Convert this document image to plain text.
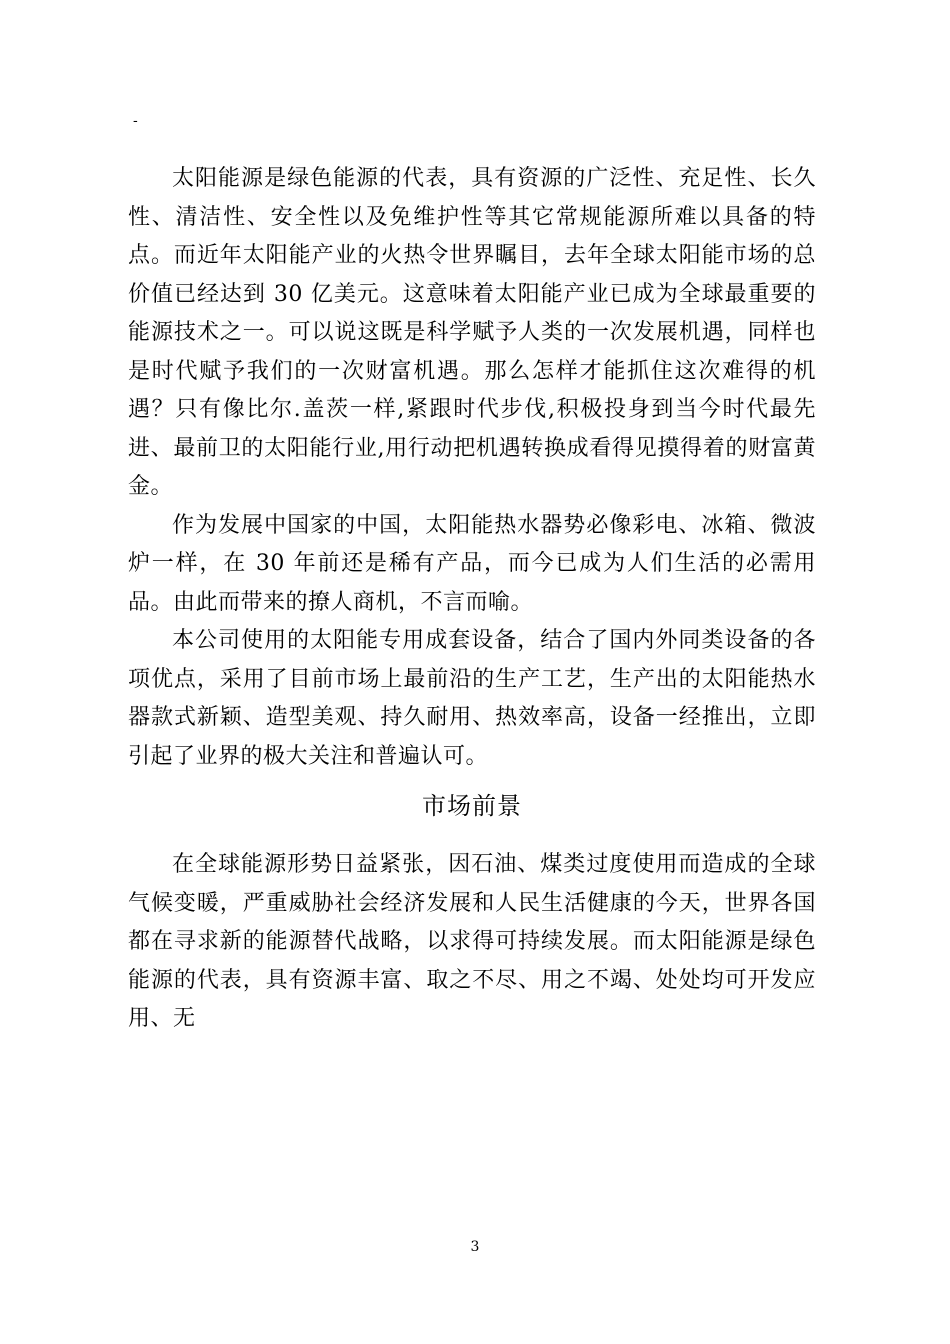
-

太阳能源是绿色能源的代表，具有资源的广泛性、充足性、长久性、清洁性、安全性以及免维护性等其它常规能源所难以具备的特点。而近年太阳能产业的火热令世界瞩目，去年全球太阳能市场的总价值已经达到 30 亿美元。这意味着太阳能产业已成为全球最重要的能源技术之一。可以说这既是科学赋予人类的一次发展机遇，同样也是时代赋予我们的一次财富机遇。那么怎样才能抓住这次难得的机遇？只有像比尔.盖茨一样,紧跟时代步伐,积极投身到当今时代最先进、最前卫的太阳能行业,用行动把机遇转换成看得见摸得着的财富黄金。

作为发展中国家的中国，太阳能热水器势必像彩电、冰箱、微波炉一样，在 30 年前还是稀有产品，而今已成为人们生活的必需用品。由此而带来的撩人商机，不言而喻。

本公司使用的太阳能专用成套设备，结合了国内外同类设备的各项优点，采用了目前市场上最前沿的生产工艺，生产出的太阳能热水器款式新颖、造型美观、持久耐用、热效率高，设备一经推出，立即引起了业界的极大关注和普遍认可。

市场前景

在全球能源形势日益紧张，因石油、煤类过度使用而造成的全球气候变暖，严重威胁社会经济发展和人民生活健康的今天，世界各国都在寻求新的能源替代战略，以求得可持续发展。而太阳能源是绿色能源的代表，具有资源丰富、取之不尽、用之不竭、处处均可开发应用、无

3
